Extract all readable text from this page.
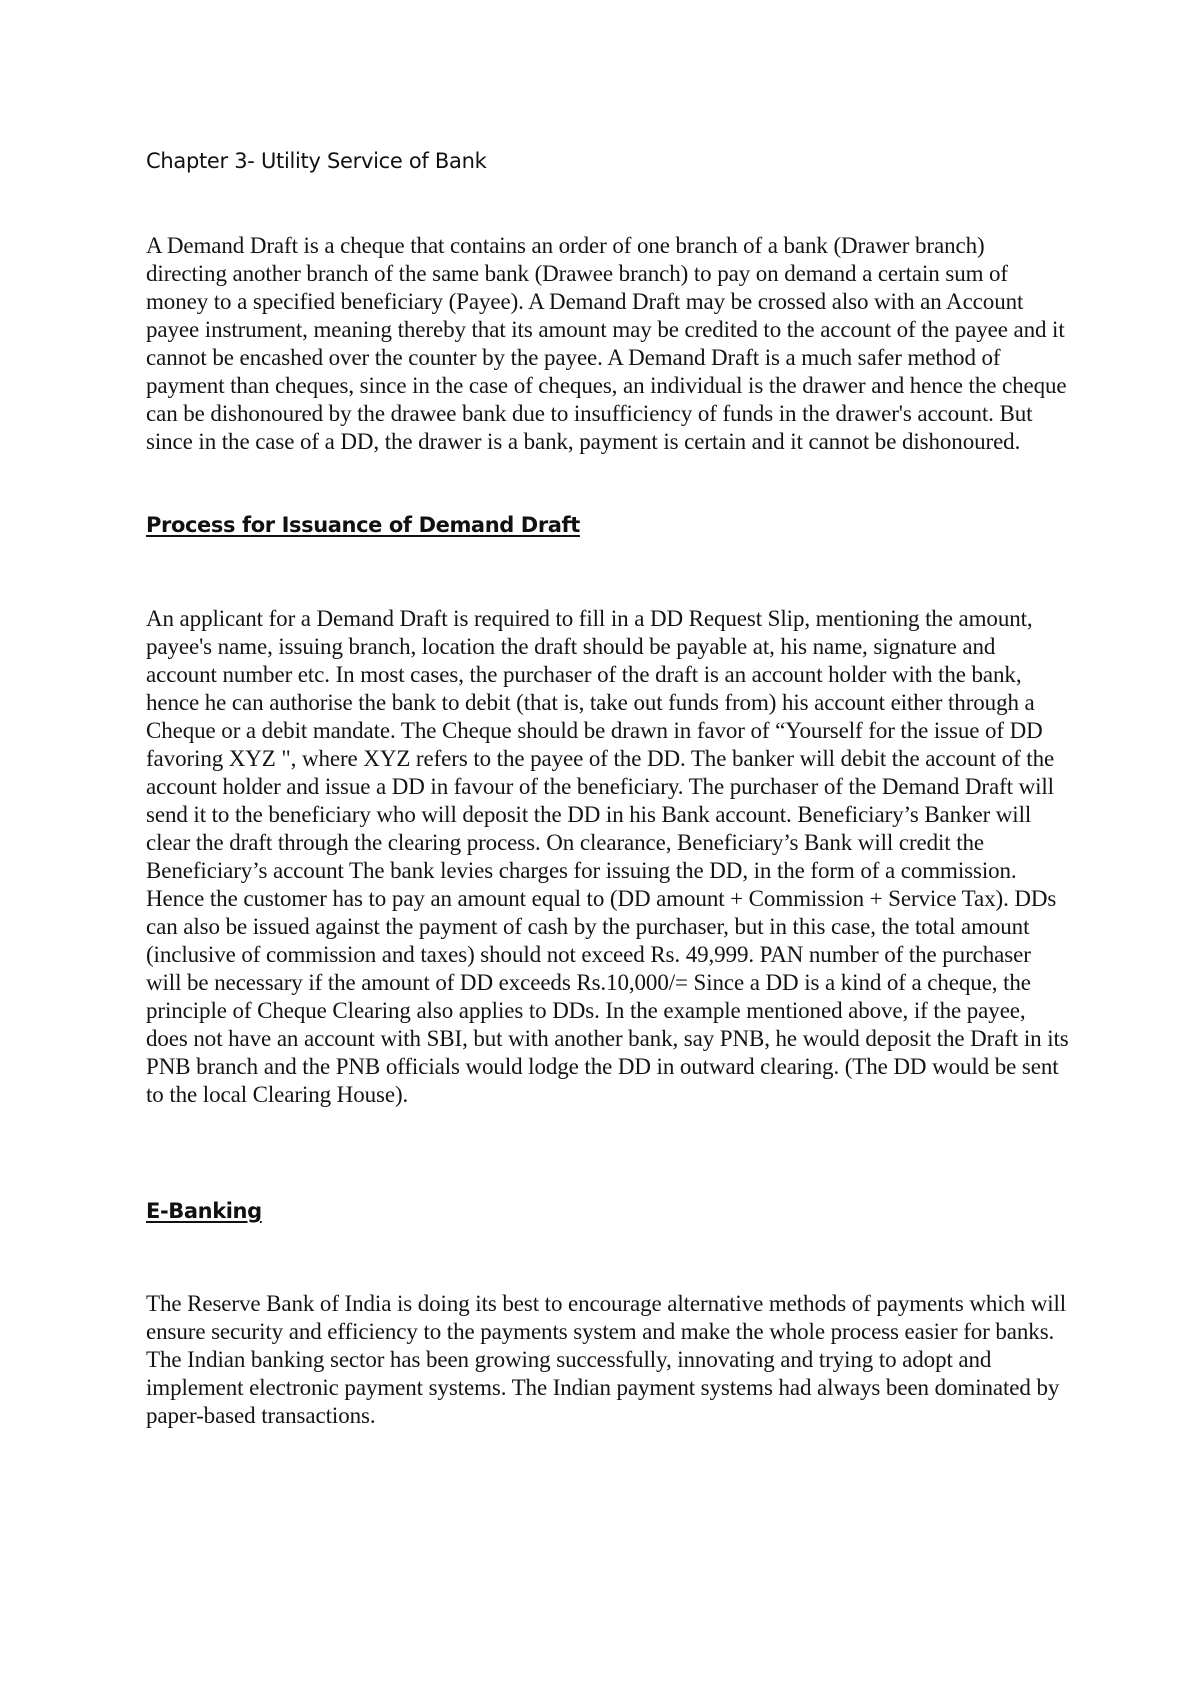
Chapter 3- Utility Service of Bank

A Demand Draft is a cheque that contains an order of one branch of a bank (Drawer branch) directing another branch of the same bank (Drawee branch) to pay on demand a certain sum of money to a specified beneficiary (Payee). A Demand Draft may be crossed also with an Account payee instrument, meaning thereby that its amount may be credited to the account of the payee and it cannot be encashed over the counter by the payee. A Demand Draft is a much safer method of payment than cheques, since in the case of cheques, an individual is the drawer and hence the cheque can be dishonoured by the drawee bank due to insufficiency of funds in the drawer's account. But since in the case of a DD, the drawer is a bank, payment is certain and it cannot be dishonoured.

Process for Issuance of Demand Draft

An applicant for a Demand Draft is required to fill in a DD Request Slip, mentioning the amount, payee's name, issuing branch, location the draft should be payable at, his name, signature and account number etc. In most cases, the purchaser of the draft is an account holder with the bank, hence he can authorise the bank to debit (that is, take out funds from) his account either through a Cheque or a debit mandate. The Cheque should be drawn in favor of “Yourself for the issue of DD favoring XYZ ", where XYZ refers to the payee of the DD. The banker will debit the account of the account holder and issue a DD in favour of the beneficiary. The purchaser of the Demand Draft will send it to the beneficiary who will deposit the DD in his Bank account. Beneficiary’s Banker will clear the draft through the clearing process. On clearance, Beneficiary’s Bank will credit the Beneficiary’s account The bank levies charges for issuing the DD, in the form of a commission. Hence the customer has to pay an amount equal to (DD amount + Commission + Service Tax). DDs can also be issued against the payment of cash by the purchaser, but in this case, the total amount (inclusive of commission and taxes) should not exceed Rs. 49,999. PAN number of the purchaser will be necessary if the amount of DD exceeds Rs.10,000/= Since a DD is a kind of a cheque, the principle of Cheque Clearing also applies to DDs. In the example mentioned above, if the payee, does not have an account with SBI, but with another bank, say PNB, he would deposit the Draft in its PNB branch and the PNB officials would lodge the DD in outward clearing. (The DD would be sent to the local Clearing House).

E-Banking

The Reserve Bank of India is doing its best to encourage alternative methods of payments which will ensure security and efficiency to the payments system and make the whole process easier for banks. The Indian banking sector has been growing successfully, innovating and trying to adopt and implement electronic payment systems. The Indian payment systems had always been dominated by paper-based transactions.
